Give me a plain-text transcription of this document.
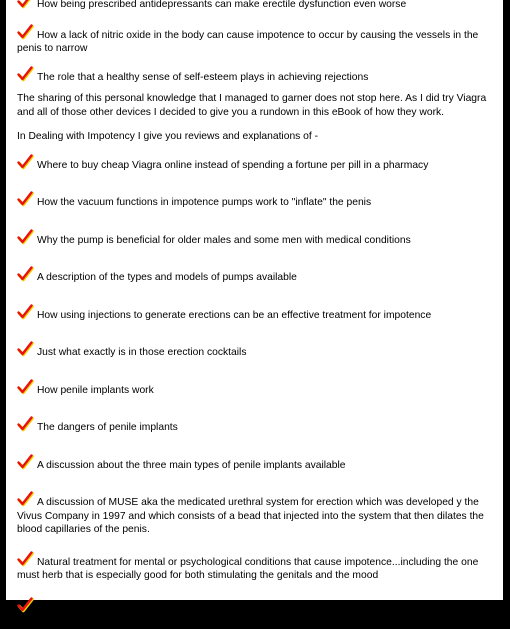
How being prescribed antidepressants can make erectile dysfunction even worse
How a lack of nitric oxide in the body can cause impotence to occur by causing the vessels in the penis to narrow
The role that a healthy sense of self-esteem plays in achieving rejections

The sharing of this personal knowledge that I managed to garner does not stop here. As I did try Viagra and all of those other devices I decided to give you a rundown in this eBook of how they work.

In Dealing with Impotency I give you reviews and explanations of -

Where to buy cheap Viagra online instead of spending a fortune per pill in a pharmacy
How the vacuum functions in impotence pumps work to "inflate" the penis
Why the pump is beneficial for older males and some men with medical conditions
A description of the types and models of pumps available
How using injections to generate erections can be an effective treatment for impotence
Just what exactly is in those erection cocktails
How penile implants work
The dangers of penile implants
A discussion about the three main types of penile implants available
A discussion of MUSE aka the medicated urethral system for erection which was developed y the Vivus Company in 1997 and which consists of a bead that injected into the system that then dilates the blood capillaries of the penis.
Natural treatment for mental or psychological conditions that cause impotence...including the one must herb that is especially good for both stimulating the genitals and the mood
The special supplement that can really help cases of erectile dysfunction that are caused by depression
